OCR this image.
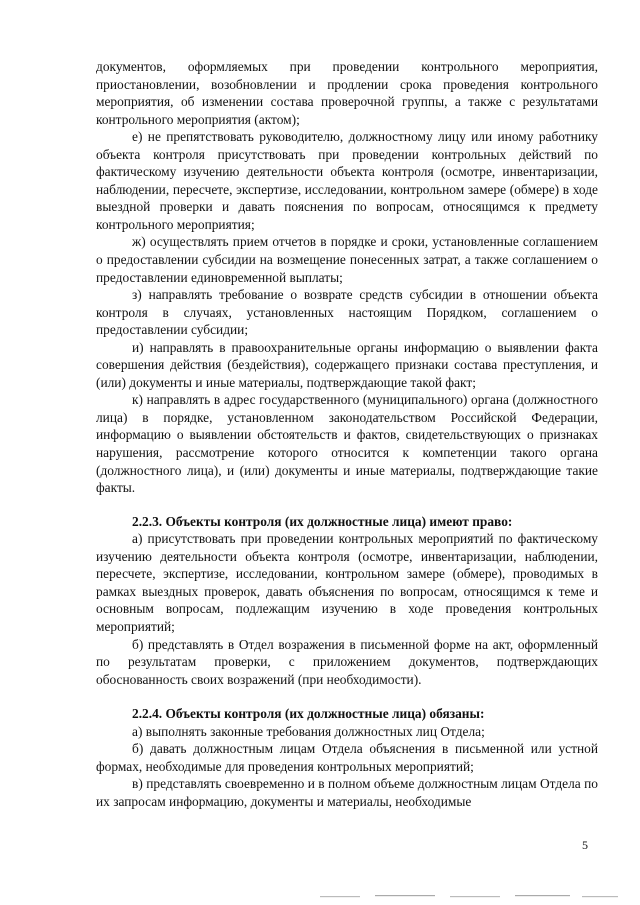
документов, оформляемых при проведении контрольного мероприятия, приостановлении, возобновлении и продлении срока проведения контрольного мероприятия, об изменении состава проверочной группы, а также с результатами контрольного мероприятия (актом);

е) не препятствовать руководителю, должностному лицу или иному работнику объекта контроля присутствовать при проведении контрольных действий по фактическому изучению деятельности объекта контроля (осмотре, инвентаризации, наблюдении, пересчете, экспертизе, исследовании, контрольном замере (обмере) в ходе выездной проверки и давать пояснения по вопросам, относящимся к предмету контрольного мероприятия;

ж) осуществлять прием отчетов в порядке и сроки, установленные соглашением о предоставлении субсидии на возмещение понесенных затрат, а также соглашением о предоставлении единовременной выплаты;

з) направлять требование о возврате средств субсидии в отношении объекта контроля в случаях, установленных настоящим Порядком, соглашением о предоставлении субсидии;

и) направлять в правоохранительные органы информацию о выявлении факта совершения действия (бездействия), содержащего признаки состава преступления, и (или) документы и иные материалы, подтверждающие такой факт;

к) направлять в адрес государственного (муниципального) органа (должностного лица) в порядке, установленном законодательством Российской Федерации, информацию о выявлении обстоятельств и фактов, свидетельствующих о признаках нарушения, рассмотрение которого относится к компетенции такого органа (должностного лица), и (или) документы и иные материалы, подтверждающие такие факты.

2.2.3. Объекты контроля (их должностные лица) имеют право:

а) присутствовать при проведении контрольных мероприятий по фактическому изучению деятельности объекта контроля (осмотре, инвентаризации, наблюдении, пересчете, экспертизе, исследовании, контрольном замере (обмере), проводимых в рамках выездных проверок, давать объяснения по вопросам, относящимся к теме и основным вопросам, подлежащим изучению в ходе проведения контрольных мероприятий;

б) представлять в Отдел возражения в письменной форме на акт, оформленный по результатам проверки, с приложением документов, подтверждающих обоснованность своих возражений (при необходимости).

2.2.4. Объекты контроля (их должностные лица) обязаны:

а) выполнять законные требования должностных лиц Отдела;

б) давать должностным лицам Отдела объяснения в письменной или устной формах, необходимые для проведения контрольных мероприятий;

в) представлять своевременно и в полном объеме должностным лицам Отдела по их запросам информацию, документы и материалы, необходимые

5
